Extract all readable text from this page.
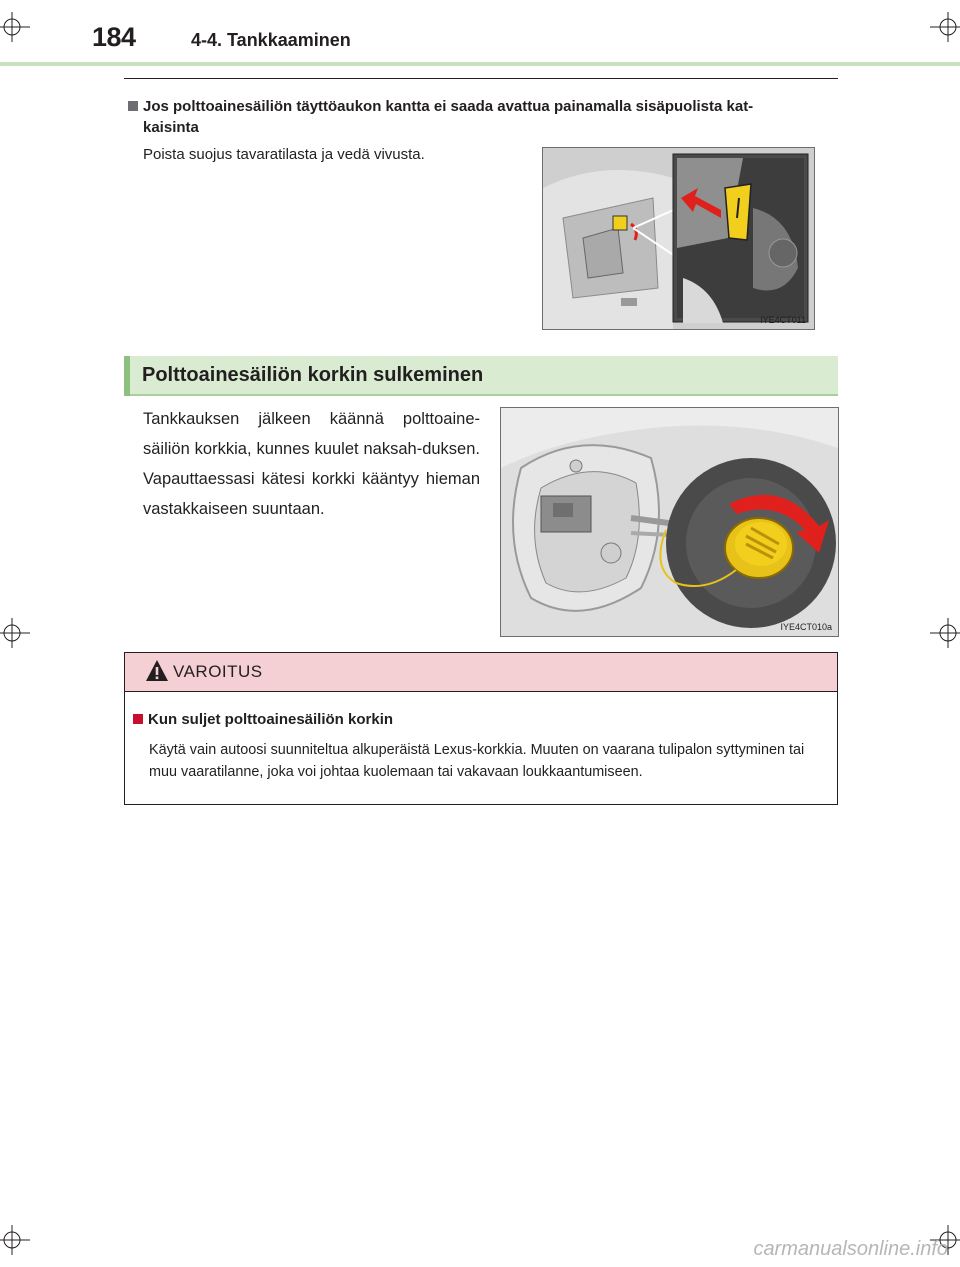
184	4-4. Tankkaaminen
Jos polttoainesäiliön täyttöaukon kantta ei saada avattua painamalla sisäpuolista kat-
kaisinta
Poista suojus tavaratilasta ja vedä vivusta.
IYE4CT011
Polttoainesäiliön korkin sulkeminen
Tankkauksen jälkeen käännä polttoaine-säiliön korkkia, kunnes kuulet naksah-duksen. Vapauttaessasi kätesi korkki kääntyy hieman vastakkaiseen suuntaan.
IYE4CT010a
VAROITUS
Kun suljet polttoainesäiliön korkin
Käytä vain autoosi suunniteltua alkuperäistä Lexus-korkkia. Muuten on vaarana tulipalon syttyminen tai muu vaaratilanne, joka voi johtaa kuolemaan tai vakavaan loukkaantumiseen.
carmanualsonline.info
